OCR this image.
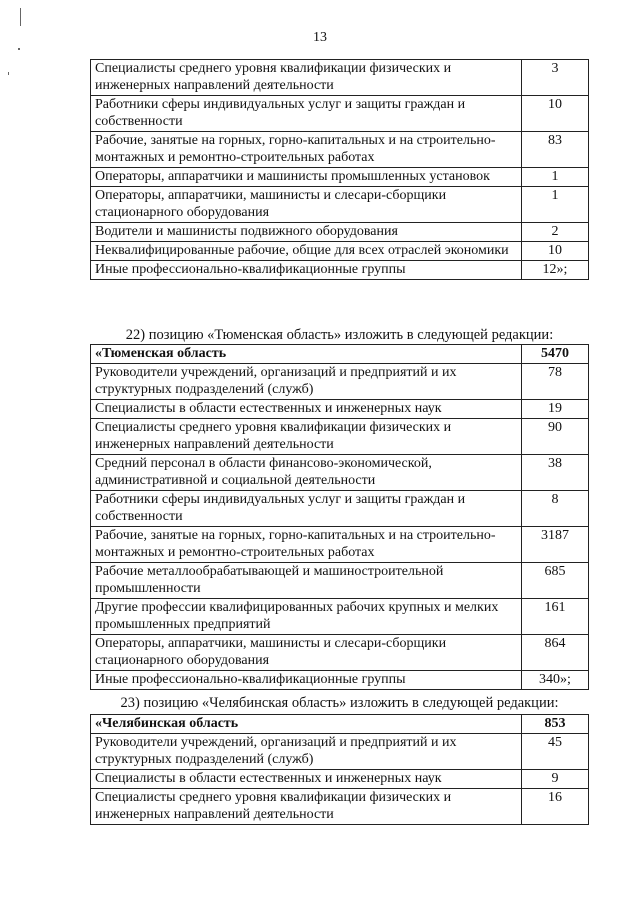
13
Специалисты среднего уровня квалификации физических и инженерных направлений деятельности	3
Работники сферы индивидуальных услуг и защиты граждан и собственности	10
Рабочие, занятые на горных, горно-капитальных и на строительно-монтажных и ремонтно-строительных работах	83
Операторы, аппаратчики и машинисты промышленных установок	1
Операторы, аппаратчики, машинисты и слесари-сборщики стационарного оборудования	1
Водители и машинисты подвижного оборудования	2
Неквалифицированные рабочие, общие для всех отраслей экономики	10
Иные профессионально-квалификационные группы	12»;
22) позицию «Тюменская область» изложить в следующей редакции:
«Тюменская область	5470
Руководители учреждений, организаций и предприятий и их структурных подразделений (служб)	78
Специалисты в области естественных и инженерных наук	19
Специалисты среднего уровня квалификации физических и инженерных направлений деятельности	90
Средний персонал в области финансово-экономической, административной и социальной деятельности	38
Работники сферы индивидуальных услуг и защиты граждан и собственности	8
Рабочие, занятые на горных, горно-капитальных и на строительно-монтажных и ремонтно-строительных работах	3187
Рабочие металлообрабатывающей и машиностроительной промышленности	685
Другие профессии квалифицированных рабочих крупных и мелких промышленных предприятий	161
Операторы, аппаратчики, машинисты и слесари-сборщики стационарного оборудования	864
Иные профессионально-квалификационные группы	340»;
23) позицию «Челябинская область» изложить в следующей редакции:
«Челябинская область	853
Руководители учреждений, организаций и предприятий и их структурных подразделений (служб)	45
Специалисты в области естественных и инженерных наук	9
Специалисты среднего уровня квалификации физических и инженерных направлений деятельности	16
